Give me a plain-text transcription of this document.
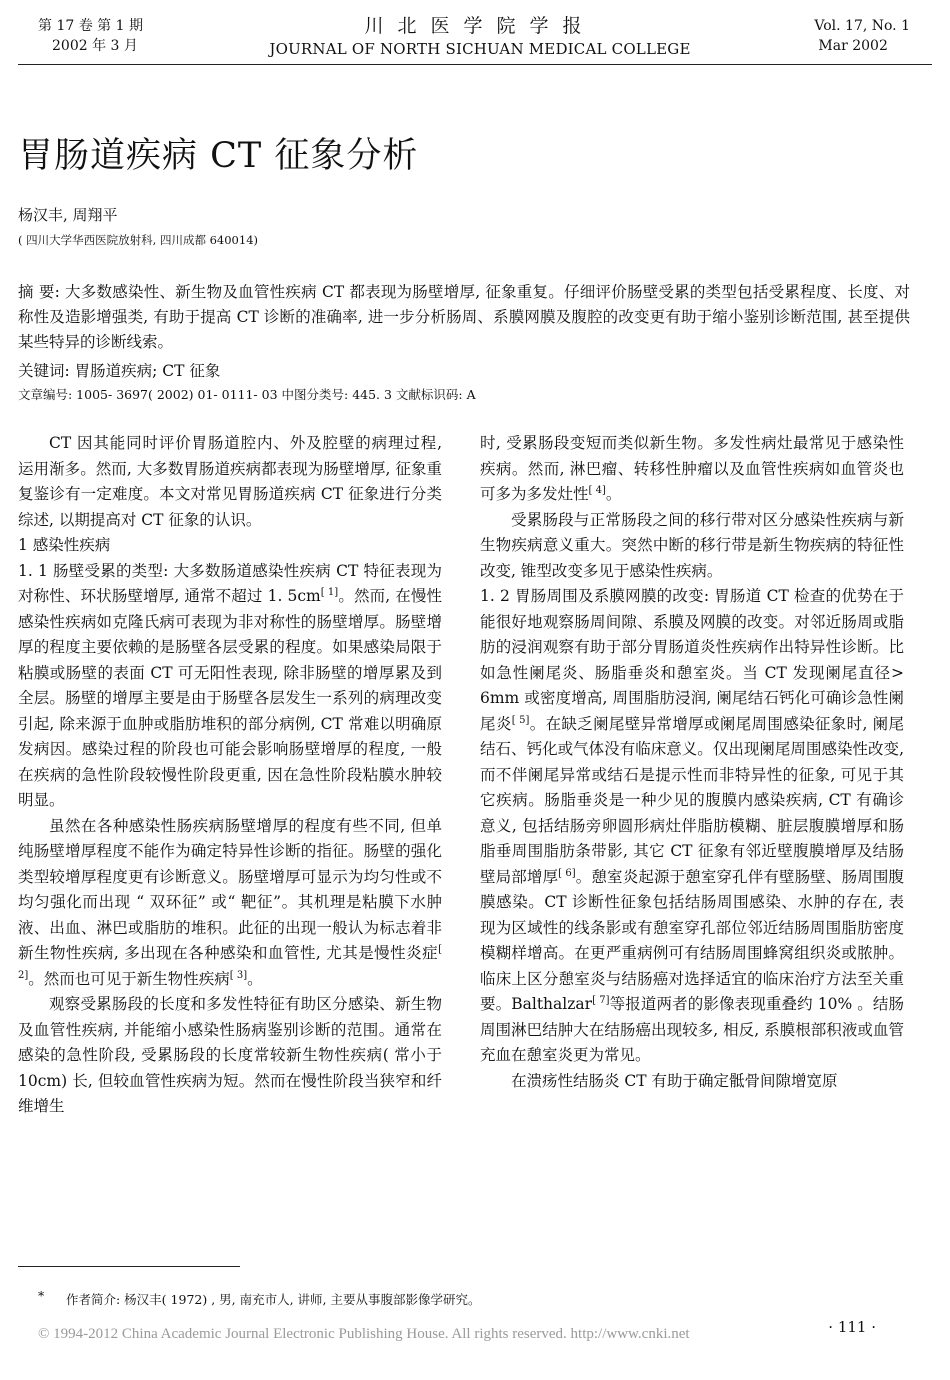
第 17 卷 第 1 期
2002 年 3 月
川北医学院学报
JOURNAL OF NORTH SICHUAN MEDICAL COLLEGE
Vol. 17, No. 1
Mar 2002
胃肠道疾病 CT 征象分析
杨汉丰, 周翔平
( 四川大学华西医院放射科, 四川成都 640014)
摘 要: 大多数感染性、新生物及血管性疾病 CT 都表现为肠壁增厚, 征象重复。仔细评价肠壁受累的类型包括受累程度、长度、对称性及造影增强类, 有助于提高 CT 诊断的准确率, 进一步分析肠周、系膜网膜及腹腔的改变更有助于缩小鉴别诊断范围, 甚至提供某些特异的诊断线索。
关键词: 胃肠道疾病; CT 征象
文章编号: 1005- 3697( 2002) 01- 0111- 03 中图分类号: 445. 3 文献标识码: A

CT 因其能同时评价胃肠道腔内、外及腔壁的病理过程, 运用渐多。然而, 大多数胃肠道疾病都表现为肠壁增厚, 征象重复鉴诊有一定难度。本文对常见胃肠道疾病 CT 征象进行分类综述, 以期提高对 CT 征象的认识。

1 感染性疾病

1. 1 肠壁受累的类型: 大多数肠道感染性疾病 CT 特征表现为对称性、环状肠壁增厚, 通常不超过 1. 5cm[ 1]。然而, 在慢性感染性疾病如克隆氏病可表现为非对称性的肠壁增厚。肠壁增厚的程度主要依赖的是肠壁各层受累的程度。如果感染局限于粘膜或肠壁的表面 CT 可无阳性表现, 除非肠壁的增厚累及到全层。肠壁的增厚主要是由于肠壁各层发生一系列的病理改变引起, 除来源于血肿或脂肪堆积的部分病例, CT 常难以明确原发病因。感染过程的阶段也可能会影响肠壁增厚的程度, 一般在疾病的急性阶段较慢性阶段更重, 因在急性阶段粘膜水肿较明显。

虽然在各种感染性肠疾病肠壁增厚的程度有些不同, 但单纯肠壁增厚程度不能作为确定特异性诊断的指征。肠壁的强化类型较增厚程度更有诊断意义。肠壁增厚可显示为均匀性或不均匀强化而出现 “ 双环征” 或“ 靶征”。其机理是粘膜下水肿液、出血、淋巴或脂肪的堆积。此征的出现一般认为标志着非新生物性疾病, 多出现在各种感染和血管性, 尤其是慢性炎症[ 2]。然而也可见于新生物性疾病[ 3]。

观察受累肠段的长度和多发性特征有助区分感染、新生物及血管性疾病, 并能缩小感染性肠病鉴别诊断的范围。通常在感染的急性阶段, 受累肠段的长度常较新生物性疾病( 常小于 10cm) 长, 但较血管性疾病为短。然而在慢性阶段当狭窄和纤维增生

时, 受累肠段变短而类似新生物。多发性病灶最常见于感染性疾病。然而, 淋巴瘤、转移性肿瘤以及血管性疾病如血管炎也可多为多发灶性[ 4]。

受累肠段与正常肠段之间的移行带对区分感染性疾病与新生物疾病意义重大。突然中断的移行带是新生物疾病的特征性改变, 锥型改变多见于感染性疾病。

1. 2 胃肠周围及系膜网膜的改变: 胃肠道 CT 检查的优势在于能很好地观察肠周间隙、系膜及网膜的改变。对邻近肠周或脂肪的浸润观察有助于部分胃肠道炎性疾病作出特异性诊断。比如急性阑尾炎、肠脂垂炎和憩室炎。当 CT 发现阑尾直径> 6mm 或密度增高, 周围脂肪浸润, 阑尾结石钙化可确诊急性阑尾炎[ 5]。在缺乏阑尾壁异常增厚或阑尾周围感染征象时, 阑尾结石、钙化或气体没有临床意义。仅出现阑尾周围感染性改变, 而不伴阑尾异常或结石是提示性而非特异性的征象, 可见于其它疾病。肠脂垂炎是一种少见的腹膜内感染疾病, CT 有确诊意义, 包括结肠旁卵圆形病灶伴脂肪模糊、脏层腹膜增厚和肠脂垂周围脂肪条带影, 其它 CT 征象有邻近壁腹膜增厚及结肠壁局部增厚[ 6]。憩室炎起源于憩室穿孔伴有壁肠壁、肠周围腹膜感染。CT 诊断性征象包括结肠周围感染、水肿的存在, 表现为区域性的线条影或有憩室穿孔部位邻近结肠周围脂肪密度模糊样增高。在更严重病例可有结肠周围蜂窝组织炎或脓肿。临床上区分憩室炎与结肠癌对选择适宜的临床治疗方法至关重要。Balthalzar[ 7]等报道两者的影像表现重叠约 10% 。结肠周围淋巴结肿大在结肠癌出现较多, 相反, 系膜根部积液或血管充血在憩室炎更为常见。

在溃疡性结肠炎 CT 有助于确定骶骨间隙增宽原

* 作者简介: 杨汉丰( 1972) , 男, 南充市人, 讲师, 主要从事腹部影像学研究。
· 111 ·
© 1994-2012 China Academic Journal Electronic Publishing House. All rights reserved. http://www.cnki.net
